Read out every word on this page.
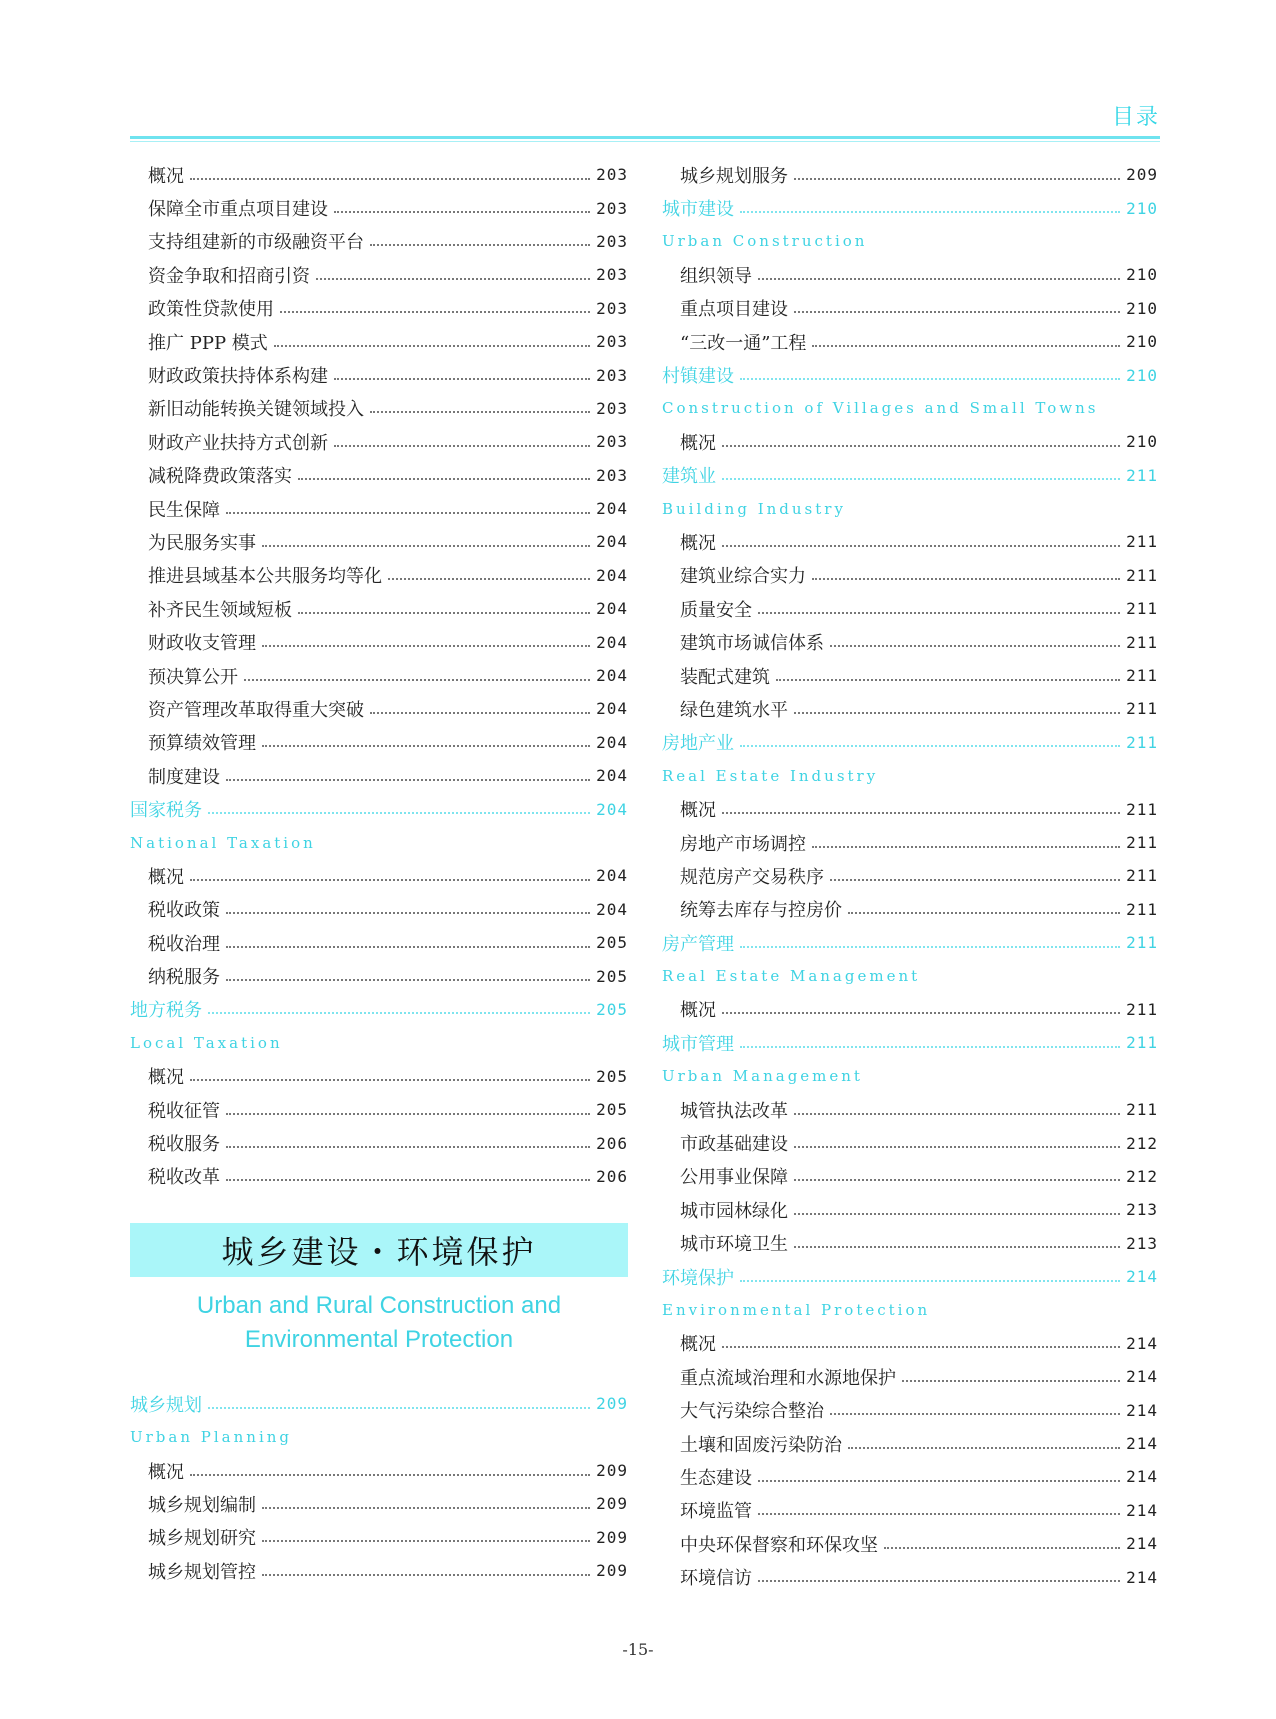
目录
概况	203
保障全市重点项目建设	203
支持组建新的市级融资平台	203
资金争取和招商引资	203
政策性贷款使用	203
推广 PPP 模式	203
财政政策扶持体系构建	203
新旧动能转换关键领域投入	203
财政产业扶持方式创新	203
减税降费政策落实	203
民生保障	204
为民服务实事	204
推进县域基本公共服务均等化	204
补齐民生领域短板	204
财政收支管理	204
预决算公开	204
资产管理改革取得重大突破	204
预算绩效管理	204
制度建设	204
国家税务	204
National Taxation
概况	204
税收政策	204
税收治理	205
纳税服务	205
地方税务	205
Local Taxation
概况	205
税收征管	205
税收服务	206
税收改革	206
城乡建设・环境保护
Urban and Rural Construction and
Environmental Protection
城乡规划	209
Urban Planning
概况	209
城乡规划编制	209
城乡规划研究	209
城乡规划管控	209
城乡规划服务	209
城市建设	210
Urban Construction
组织领导	210
重点项目建设	210
“三改一通”工程	210
村镇建设	210
Construction of Villages and Small Towns
概况	210
建筑业	211
Building Industry
概况	211
建筑业综合实力	211
质量安全	211
建筑市场诚信体系	211
装配式建筑	211
绿色建筑水平	211
房地产业	211
Real Estate Industry
概况	211
房地产市场调控	211
规范房产交易秩序	211
统筹去库存与控房价	211
房产管理	211
Real Estate Management
概况	211
城市管理	211
Urban Management
城管执法改革	211
市政基础建设	212
公用事业保障	212
城市园林绿化	213
城市环境卫生	213
环境保护	214
Environmental Protection
概况	214
重点流域治理和水源地保护	214
大气污染综合整治	214
土壤和固废污染防治	214
生态建设	214
环境监管	214
中央环保督察和环保攻坚	214
环境信访	214
-15-
